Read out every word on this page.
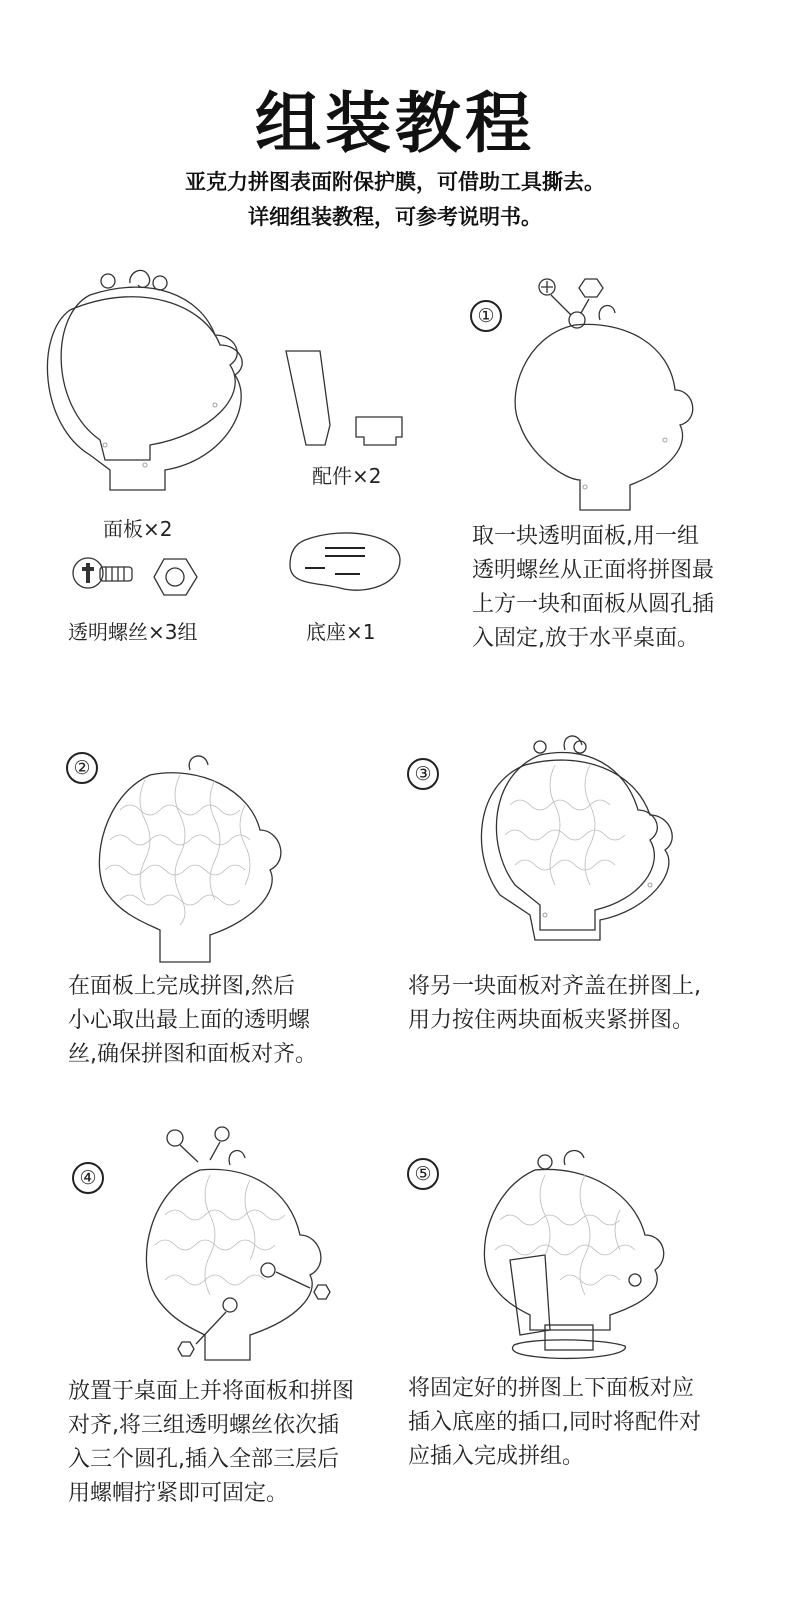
组装教程
亚克力拼图表面附保护膜，可借助工具撕去。
详细组装教程，可参考说明书。
配件×2
面板×2
透明螺丝×3组	底座×1
①
取一块透明面板,用一组
透明螺丝从正面将拼图最
上方一块和面板从圆孔插
入固定,放于水平桌面。
②
在面板上完成拼图,然后
小心取出最上面的透明螺
丝,确保拼图和面板对齐。
③
将另一块面板对齐盖在拼图上,
用力按住两块面板夹紧拼图。
④
放置于桌面上并将面板和拼图
对齐,将三组透明螺丝依次插
入三个圆孔,插入全部三层后
用螺帽拧紧即可固定。
⑤
将固定好的拼图上下面板对应
插入底座的插口,同时将配件对
应插入完成拼组。
